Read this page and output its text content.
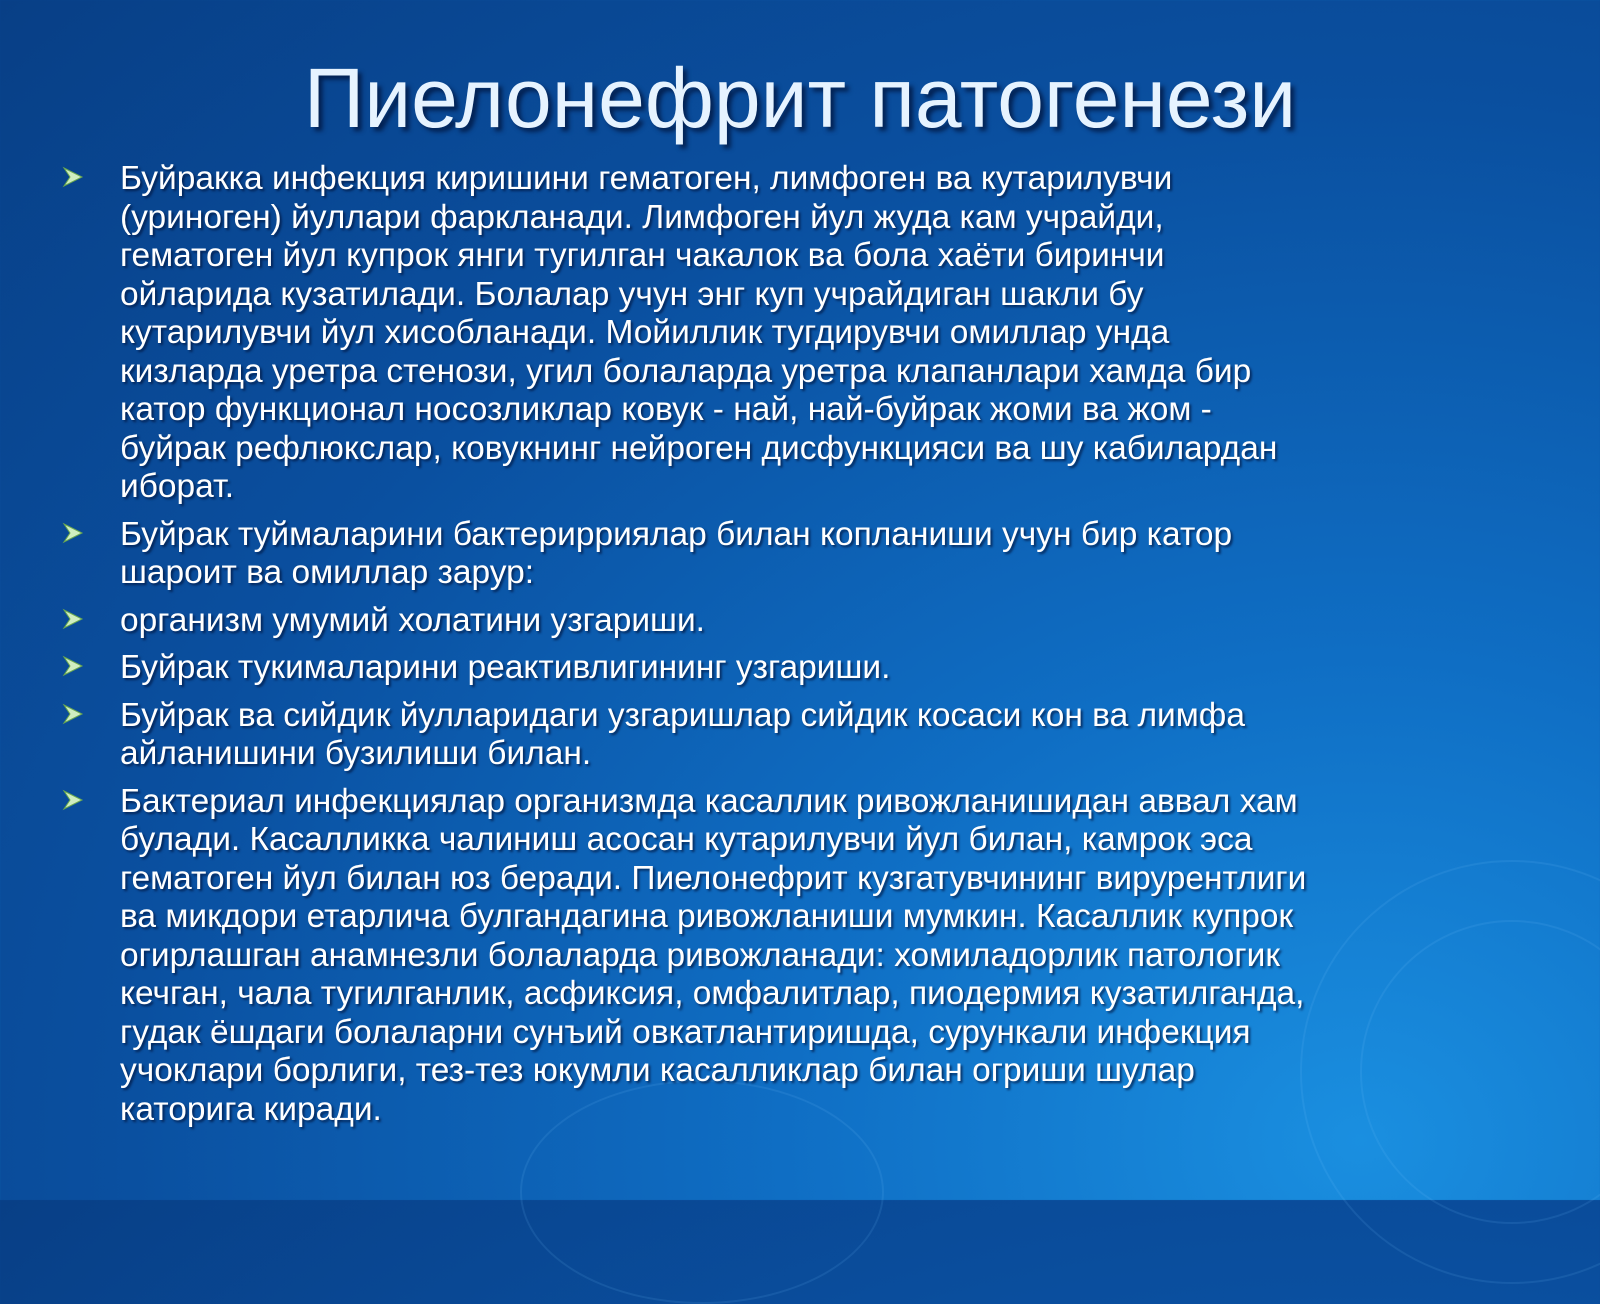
Пиелонефрит патогенези
Буйракка инфекция киришини гематоген, лимфоген ва кутарилувчи
(уриноген) йуллари фаркланади. Лимфоген йул жуда кам учрайди,
гематоген йул купрок янги тугилган чакалок ва бола хаёти биринчи
ойларида кузатилади. Болалар учун энг куп учрайдиган шакли бу
кутарилувчи йул хисобланади. Мойиллик тугдирувчи омиллар унда
кизларда уретра стенози, угил болаларда уретра клапанлари хамда бир
катор функционал носозликлар ковук - най, най-буйрак жоми ва жом -
буйрак рефлюкслар, ковукнинг нейроген дисфункцияси ва шу кабилардан
иборат.
Буйрак туймаларини бактерирриялар билан копланиши учун бир катор
шароит ва омиллар зарур:
организм умумий холатини узгариши.
Буйрак тукималарини реактивлигининг узгариши.
Буйрак ва сийдик йулларидаги узгаришлар сийдик косаси кон ва лимфа
айланишини бузилиши билан.
Бактериал инфекциялар организмда касаллик ривожланишидан аввал хам
булади. Касалликка чалиниш асосан кутарилувчи йул билан, камрок эса
гематоген йул билан юз беради. Пиелонефрит кузгатувчининг вирурентлиги
ва микдори етарлича булгандагина ривожланиши мумкин. Касаллик купрок
огирлашган анамнезли болаларда ривожланади: хомиладорлик патологик
кечган, чала тугилганлик, асфиксия, омфалитлар, пиодермия кузатилганда,
гудак ёшдаги болаларни сунъий овкатлантиришда, сурункали инфекция
учоклари борлиги, тез-тез юкумли касалликлар билан огриши шулар
каторига киради.
